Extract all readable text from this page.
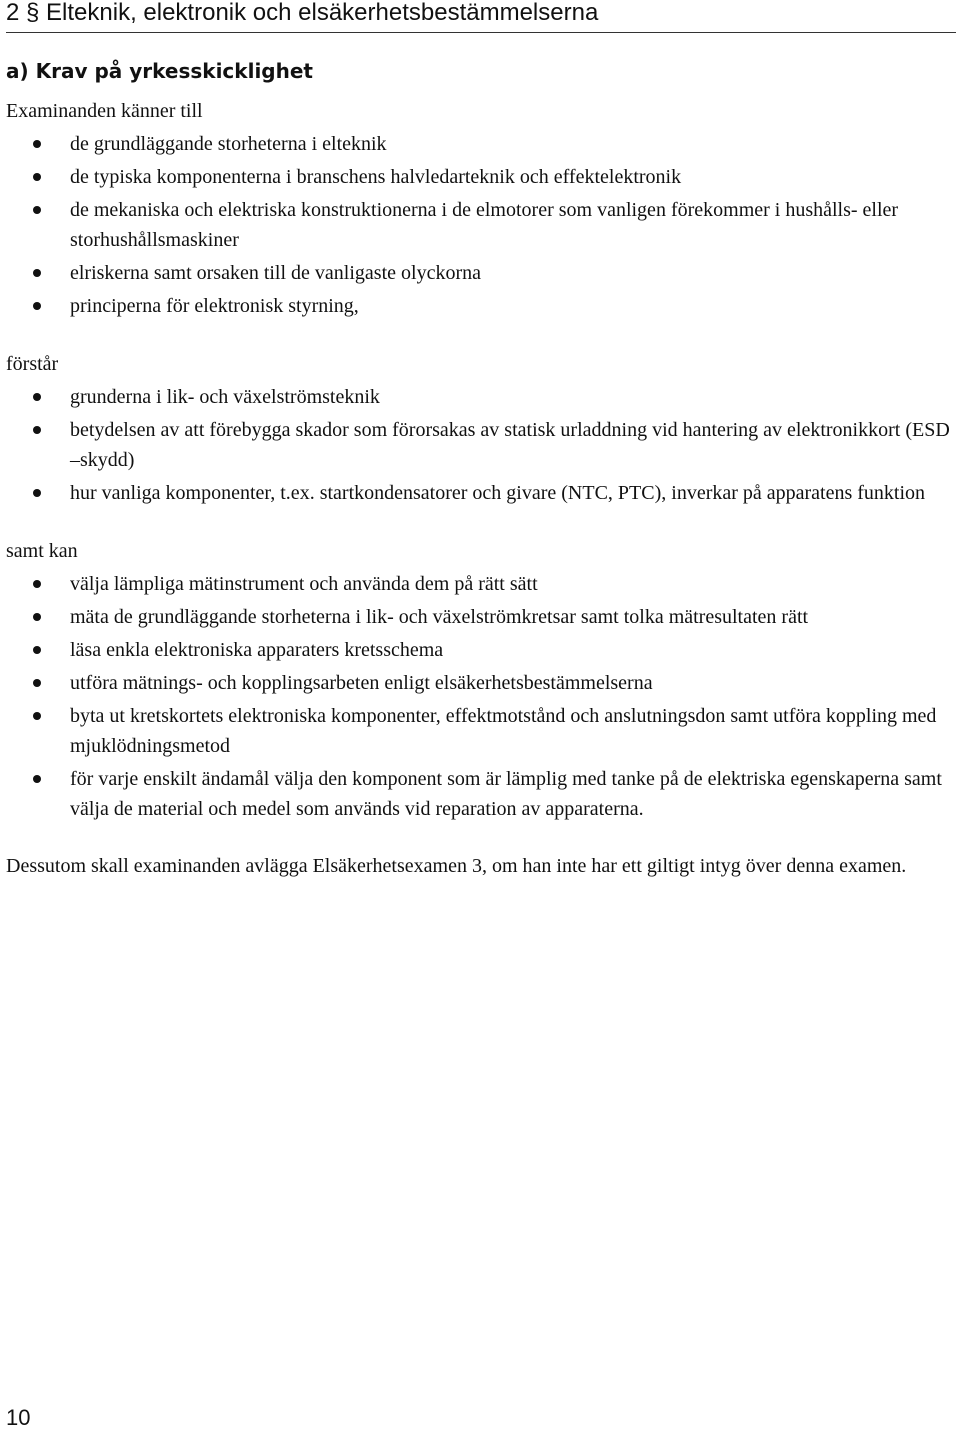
2 § Elteknik, elektronik och elsäkerhetsbestämmelserna
a) Krav på yrkesskicklighet

Examinanden känner till

de grundläggande storheterna i elteknik
de typiska komponenterna i branschens halvledarteknik och effektelektronik
de mekaniska och elektriska konstruktionerna i de elmotorer som vanligen förekommer i hushålls- eller storhushållsmaskiner
elriskerna samt orsaken till de vanligaste olyckorna
principerna för elektronisk styrning,

förstår

grunderna i lik- och växelströmsteknik
betydelsen av att förebygga skador som förorsakas av statisk urladdning vid hantering av elektronikkort (ESD –skydd)
hur vanliga komponenter, t.ex. startkondensatorer och givare (NTC, PTC), inverkar på apparatens funktion

samt kan

välja lämpliga mätinstrument och använda dem på rätt sätt
mäta de grundläggande storheterna i lik- och växelströmkretsar samt tolka mätresultaten rätt
läsa enkla elektroniska apparaters kretsschema
utföra mätnings- och kopplingsarbeten enligt elsäkerhetsbestämmelserna
byta ut kretskortets elektroniska komponenter, effektmotstånd och anslutningsdon samt utföra koppling med mjuklödningsmetod
för varje enskilt ändamål välja den komponent som är lämplig med tanke på de elektriska egenskaperna samt välja de material och medel som används vid reparation av apparaterna.

Dessutom skall examinanden avlägga Elsäkerhetsexamen 3, om han inte har ett giltigt intyg över denna examen.

10
